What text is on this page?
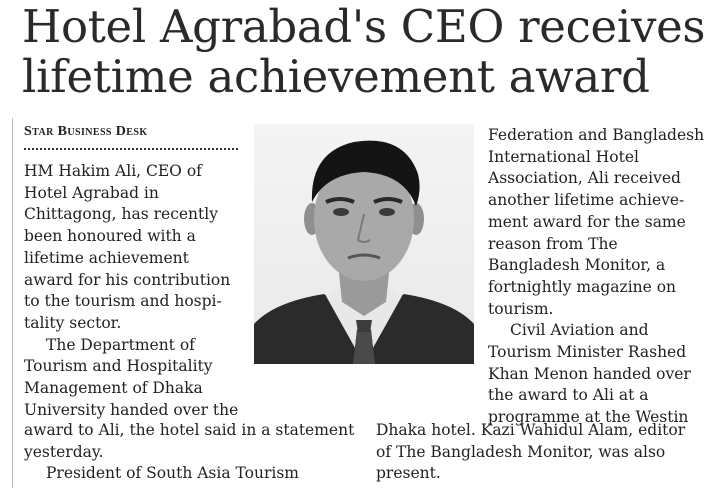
Hotel Agrabad's CEO receives
lifetime achievement award
Star Business Desk
HM Hakim Ali, CEO of
Hotel Agrabad in
Chittagong, has recently
been honoured with a
lifetime achievement
award for his contribution
to the tourism and hospi-
tality sector.
The Department of
Tourism and Hospitality
Management of Dhaka
University handed over the
Federation and Bangladesh
International Hotel
Association, Ali received
another lifetime achieve-
ment award for the same
reason from The
Bangladesh Monitor, a
fortnightly magazine on
tourism.
Civil Aviation and
Tourism Minister Rashed
Khan Menon handed over
the award to Ali at a
programme at the Westin
award to Ali, the hotel said in a statement
yesterday.
President of South Asia Tourism
Dhaka hotel. Kazi Wahidul Alam, editor
of The Bangladesh Monitor, was also
present.
